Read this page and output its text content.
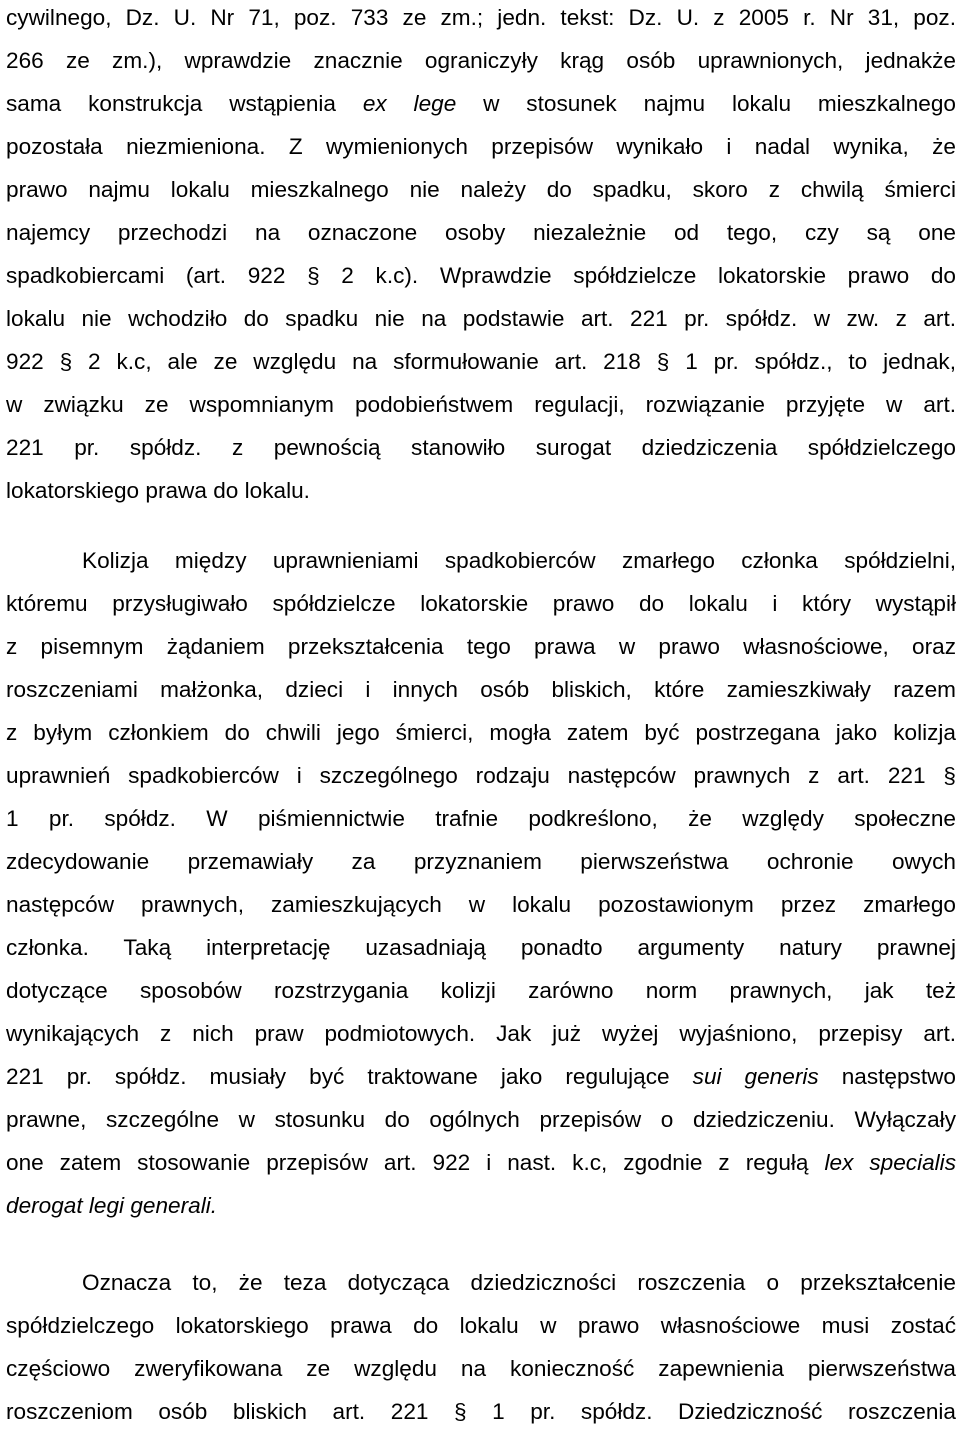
cywilnego, Dz. U. Nr 71, poz. 733 ze zm.; jedn. tekst: Dz. U. z 2005 r. Nr 31, poz.
266 ze zm.), wprawdzie znacznie ograniczyły krąg osób uprawnionych, jednakże
sama konstrukcja wstąpienia ex lege w stosunek najmu lokalu mieszkalnego
pozostała niezmieniona. Z wymienionych przepisów wynikało i nadal wynika, że
prawo najmu lokalu mieszkalnego nie należy do spadku, skoro z chwilą śmierci
najemcy przechodzi na oznaczone osoby niezależnie od tego, czy są one
spadkobiercami (art. 922 § 2 k.c). Wprawdzie spółdzielcze lokatorskie prawo do
lokalu nie wchodziło do spadku nie na podstawie art. 221 pr. spółdz. w zw. z art.
922 § 2 k.c, ale ze względu na sformułowanie art. 218 § 1 pr. spółdz., to jednak,
w związku ze wspomnianym podobieństwem regulacji, rozwiązanie przyjęte w art.
221 pr. spółdz. z pewnością stanowiło surogat dziedziczenia spółdzielczego
lokatorskiego prawa do lokalu.
Kolizja między uprawnieniami spadkobierców zmarłego członka spółdzielni,
któremu przysługiwało spółdzielcze lokatorskie prawo do lokalu i który wystąpił
z pisemnym żądaniem przekształcenia tego prawa w prawo własnościowe, oraz
roszczeniami małżonka, dzieci i innych osób bliskich, które zamieszkiwały razem
z byłym członkiem do chwili jego śmierci, mogła zatem być postrzegana jako kolizja
uprawnień spadkobierców i szczególnego rodzaju następców prawnych z art. 221 §
1 pr. spółdz. W piśmiennictwie trafnie podkreślono, że względy społeczne
zdecydowanie przemawiały za przyznaniem pierwszeństwa ochronie owych
następców prawnych, zamieszkujących w lokalu pozostawionym przez zmarłego
członka. Taką interpretację uzasadniają ponadto argumenty natury prawnej
dotyczące sposobów rozstrzygania kolizji zarówno norm prawnych, jak też
wynikających z nich praw podmiotowych. Jak już wyżej wyjaśniono, przepisy art.
221 pr. spółdz. musiały być traktowane jako regulujące sui generis następstwo
prawne, szczególne w stosunku do ogólnych przepisów o dziedziczeniu. Wyłączały
one zatem stosowanie przepisów art. 922 i nast. k.c, zgodnie z regułą lex specialis
derogat legi generali.
Oznacza to, że teza dotycząca dziedziczności roszczenia o przekształcenie
spółdzielczego lokatorskiego prawa do lokalu w prawo własnościowe musi zostać
częściowo zweryfikowana ze względu na konieczność zapewnienia pierwszeństwa
roszczeniom osób bliskich art. 221 § 1 pr. spółdz. Dziedziczność roszczenia
